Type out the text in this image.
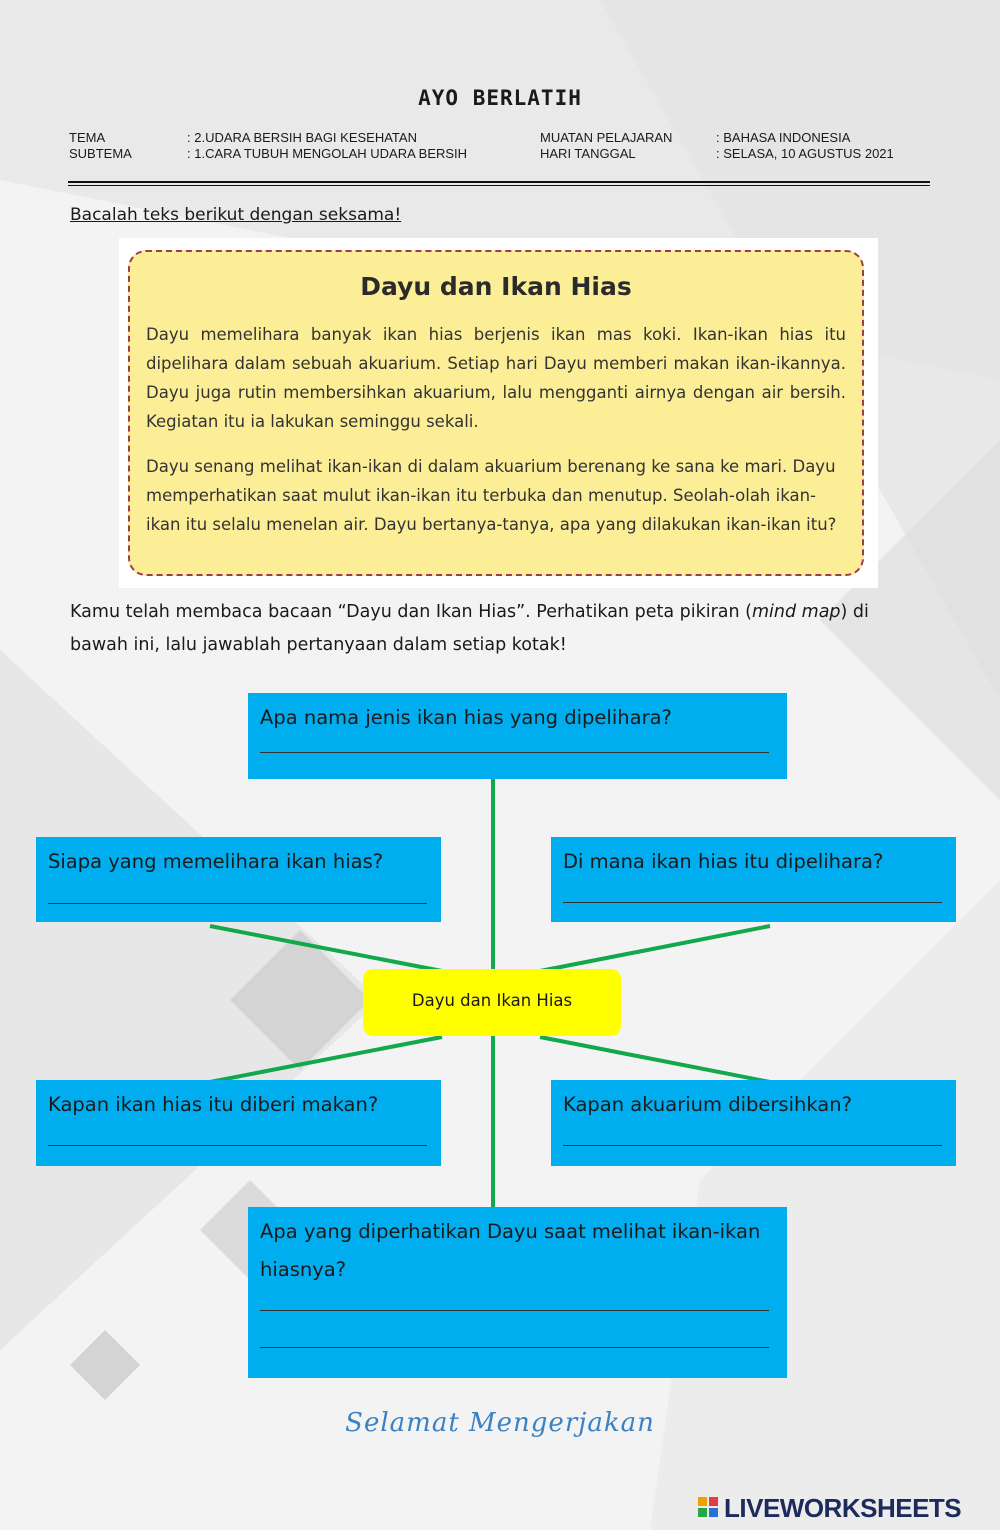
AYO BERLATIH
TEMA	: 2.UDARA BERSIH BAGI KESEHATAN
SUBTEMA	: 1.CARA TUBUH MENGOLAH UDARA BERSIH
MUATAN PELAJARAN	: BAHASA INDONESIA
HARI TANGGAL	: SELASA, 10 AGUSTUS 2021
Bacalah teks berikut dengan seksama!
Dayu dan Ikan Hias
Dayu memelihara banyak ikan hias berjenis ikan mas koki. Ikan-ikan hias itu dipelihara dalam sebuah akuarium. Setiap hari Dayu memberi makan ikan-ikannya. Dayu juga rutin membersihkan akuarium, lalu mengganti airnya dengan air bersih. Kegiatan itu ia lakukan seminggu sekali.
Dayu senang melihat ikan-ikan di dalam akuarium berenang ke sana ke mari. Dayu memperhatikan saat mulut ikan-ikan itu terbuka dan menutup. Seolah-olah ikan-ikan itu selalu menelan air. Dayu bertanya-tanya, apa yang dilakukan ikan-ikan itu?
Kamu telah membaca bacaan “Dayu dan Ikan Hias”. Perhatikan peta pikiran (mind map) di bawah ini, lalu jawablah pertanyaan dalam setiap kotak!
Apa nama jenis ikan hias yang dipelihara?
Siapa yang memelihara ikan hias?	Di mana ikan hias itu dipelihara?
Dayu dan Ikan Hias
Kapan ikan hias itu diberi makan?	Kapan akuarium dibersihkan?
Apa yang diperhatikan Dayu saat melihat ikan-ikan hiasnya?
Selamat Mengerjakan
LIVEWORKSHEETS
